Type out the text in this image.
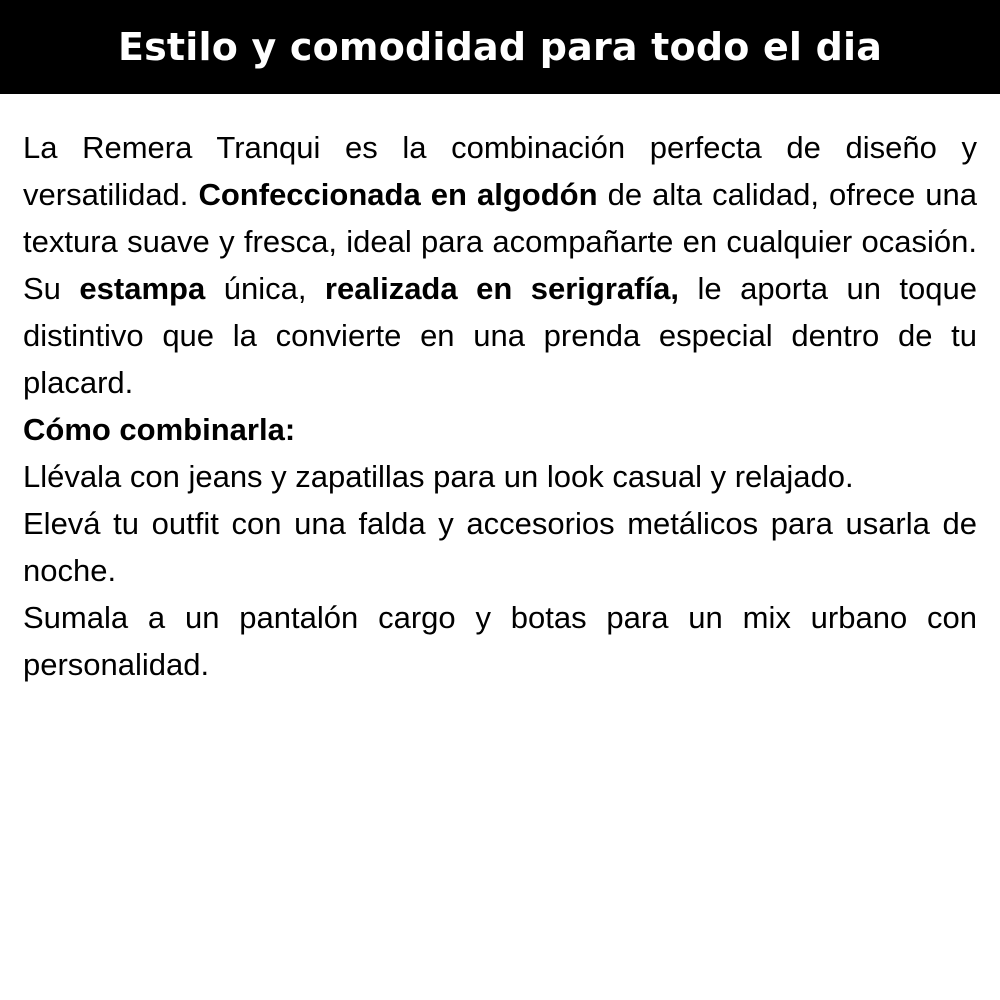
Estilo y comodidad para todo el dia

La Remera Tranqui es la combinación perfecta de diseño y versatilidad. Confeccionada en algodón de alta calidad, ofrece una textura suave y fresca, ideal para acompañarte en cualquier ocasión. Su estampa única, realizada en serigrafía, le aporta un toque distintivo que la convierte en una prenda especial dentro de tu placard.

Cómo combinarla:

Llévala con jeans y zapatillas para un look casual y relajado.

Elevá tu outfit con una falda y accesorios metálicos para usarla de noche.

Sumala a un pantalón cargo y botas para un mix urbano con personalidad.
